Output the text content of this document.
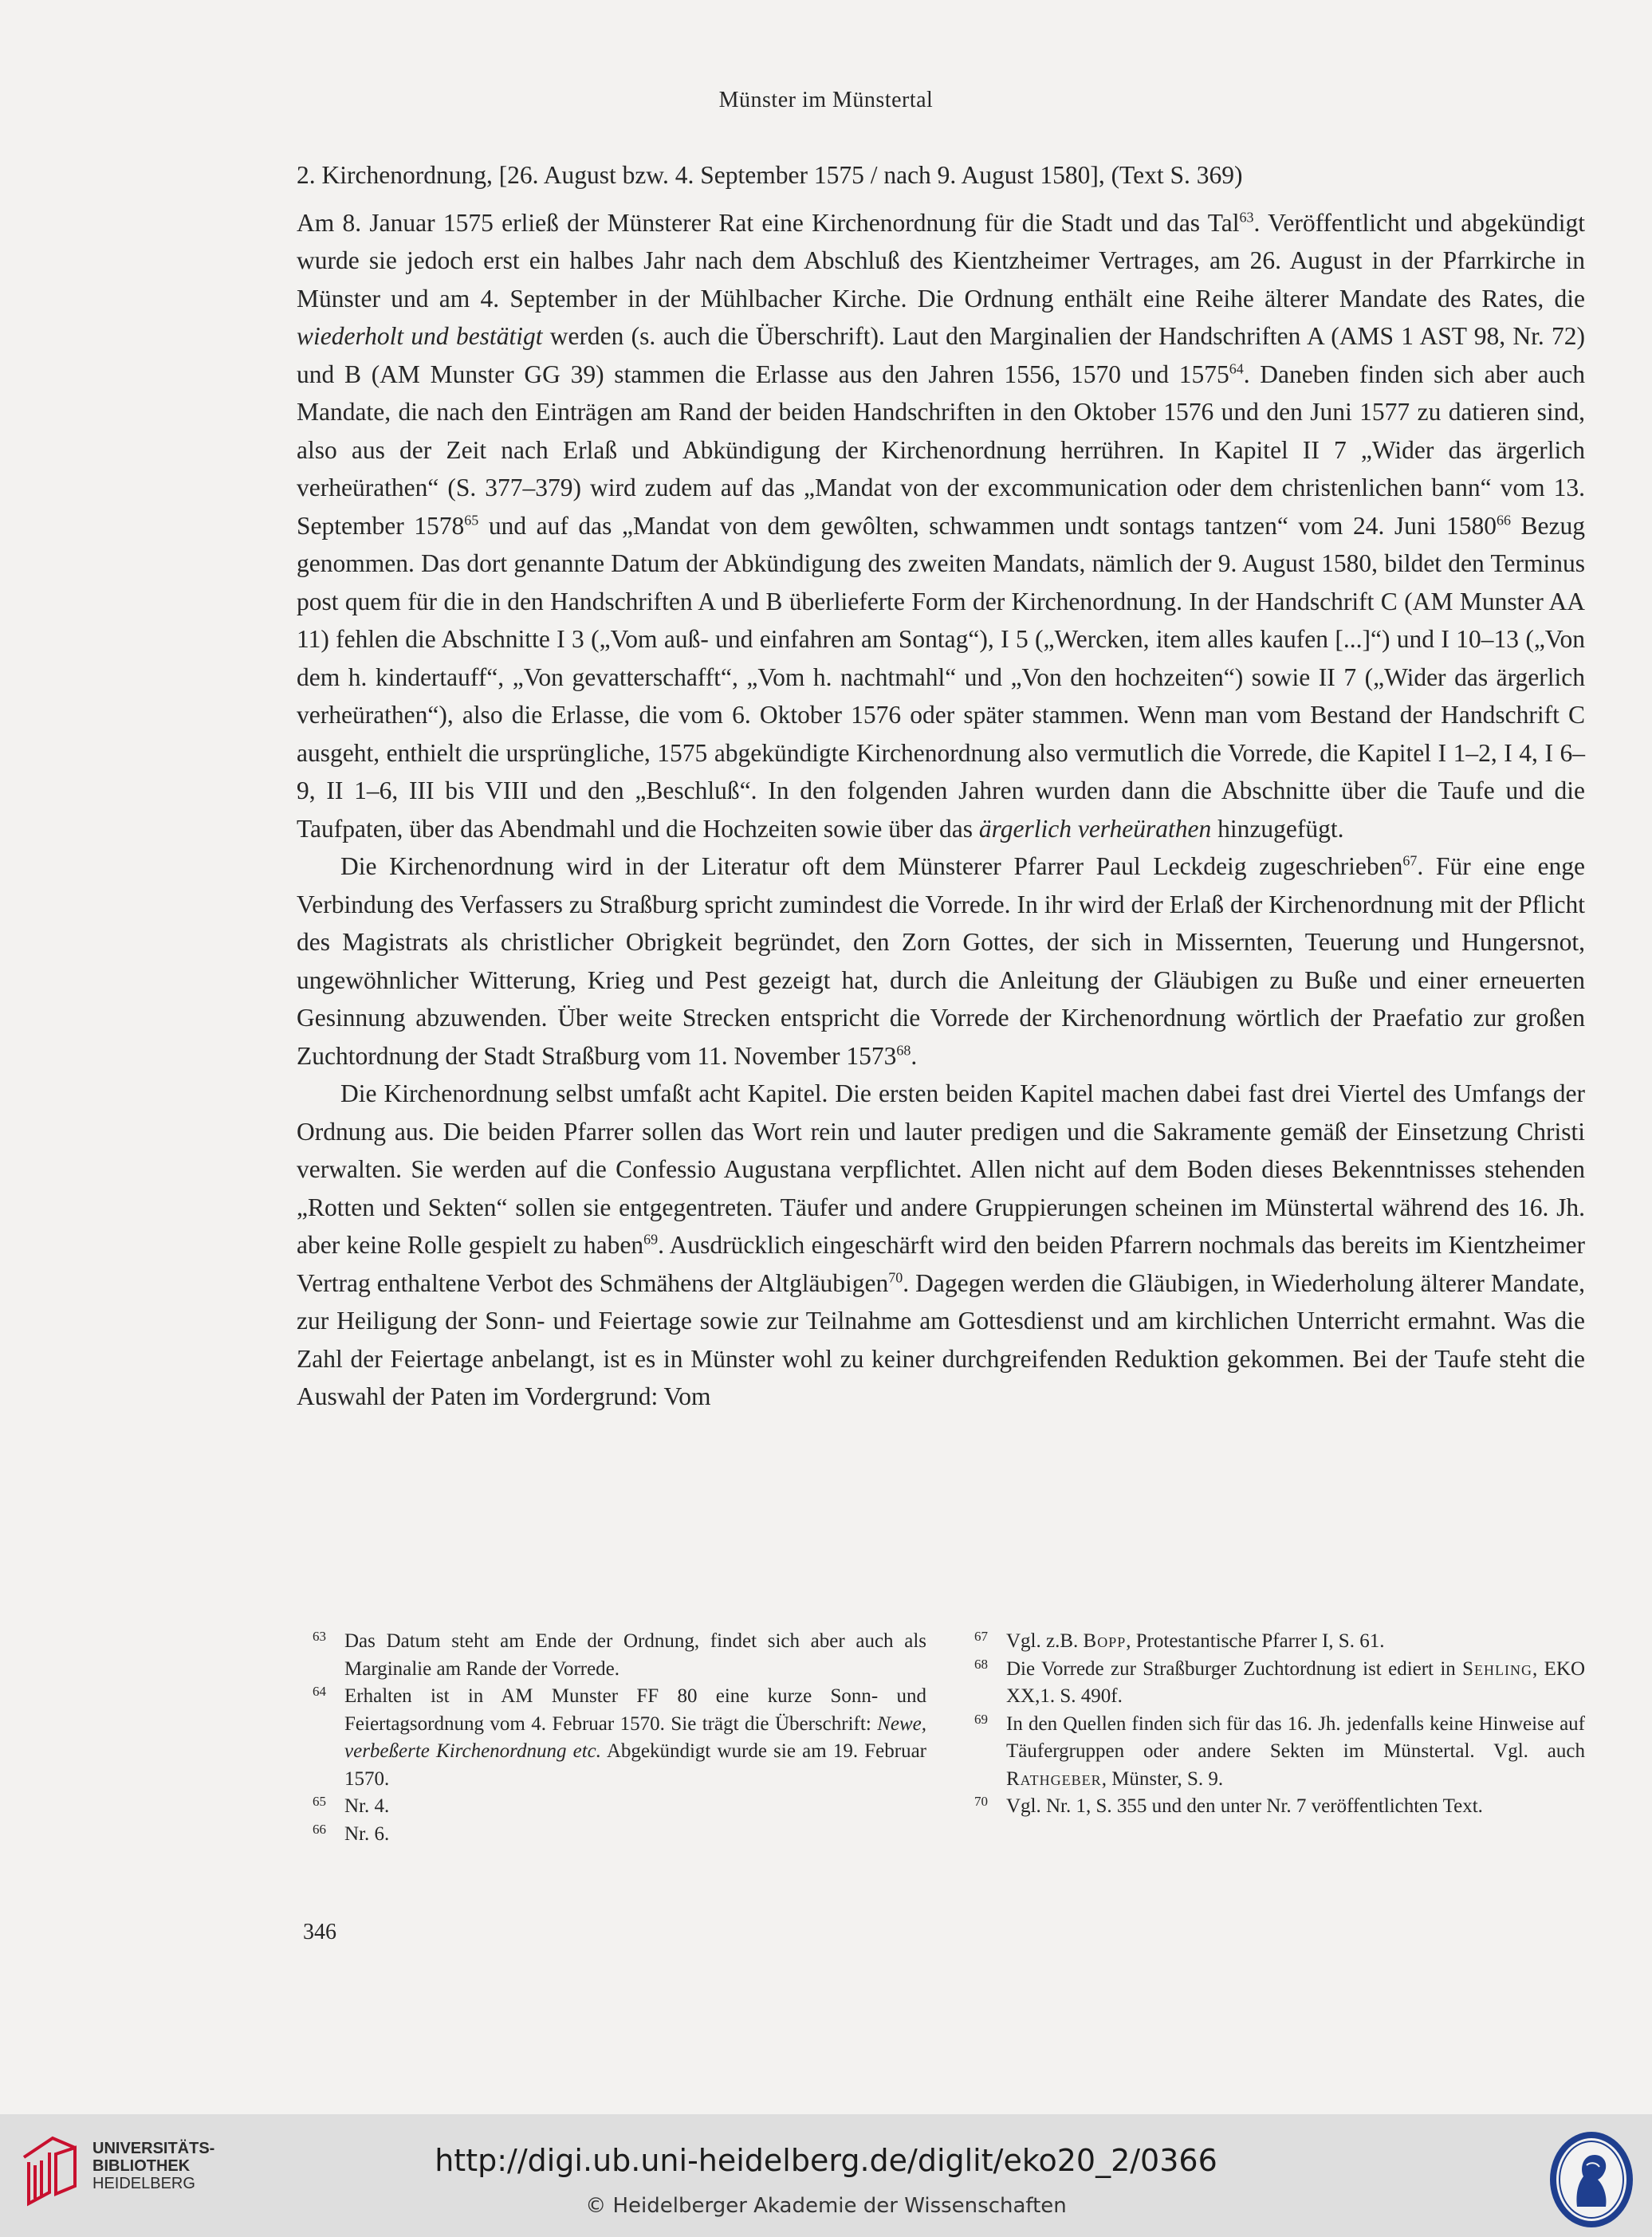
Münster im Münstertal

2. Kirchenordnung, [26. August bzw. 4. September 1575 / nach 9. August 1580], (Text S. 369)

Am 8. Januar 1575 erließ der Münsterer Rat eine Kirchenordnung für die Stadt und das Tal$^{63}$. Veröffentlicht und abgekündigt wurde sie jedoch erst ein halbes Jahr nach dem Abschluß des Kientzheimer Vertrages, am 26. August in der Pfarrkirche in Münster und am 4. September in der Mühlbacher Kirche. Die Ordnung enthält eine Reihe älterer Mandate des Rates, die wiederholt und bestätigt werden (s. auch die Überschrift). Laut den Marginalien der Handschriften A (AMS 1 AST 98, Nr. 72) und B (AM Munster GG 39) stammen die Erlasse aus den Jahren 1556, 1570 und 1575$^{64}$. Daneben finden sich aber auch Mandate, die nach den Einträgen am Rand der beiden Handschriften in den Oktober 1576 und den Juni 1577 zu datieren sind, also aus der Zeit nach Erlaß und Abkündigung der Kirchenordnung herrühren. In Kapitel II 7 „Wider das ärgerlich verheürathen“ (S. 377–379) wird zudem auf das „Mandat von der excommunication oder dem christenlichen bann“ vom 13. September 1578$^{65}$ und auf das „Mandat von dem gewôlten, schwammen undt sontags tantzen“ vom 24. Juni 1580$^{66}$ Bezug genommen. Das dort genannte Datum der Abkündigung des zweiten Mandats, nämlich der 9. August 1580, bildet den Terminus post quem für die in den Handschriften A und B überlieferte Form der Kirchenordnung. In der Handschrift C (AM Munster AA 11) fehlen die Abschnitte I 3 („Vom auß- und einfahren am Sontag“), I 5 („Wercken, item alles kaufen [...]“) und I 10–13 („Von dem h. kindertauff“, „Von gevatterschafft“, „Vom h. nachtmahl“ und „Von den hochzeiten“) sowie II 7 („Wider das ärgerlich verheürathen“), also die Erlasse, die vom 6. Oktober 1576 oder später stammen. Wenn man vom Bestand der Handschrift C ausgeht, enthielt die ursprüngliche, 1575 abgekündigte Kirchenordnung also vermutlich die Vorrede, die Kapitel I 1–2, I 4, I 6–9, II 1–6, III bis VIII und den „Beschluß“. In den folgenden Jahren wurden dann die Abschnitte über die Taufe und die Taufpaten, über das Abendmahl und die Hochzeiten sowie über das ärgerlich verheürathen hinzugefügt.

Die Kirchenordnung wird in der Literatur oft dem Münsterer Pfarrer Paul Leckdeig zugeschrieben$^{67}$. Für eine enge Verbindung des Verfassers zu Straßburg spricht zumindest die Vorrede. In ihr wird der Erlaß der Kirchenordnung mit der Pflicht des Magistrats als christlicher Obrigkeit begründet, den Zorn Gottes, der sich in Missernten, Teuerung und Hungersnot, ungewöhnlicher Witterung, Krieg und Pest gezeigt hat, durch die Anleitung der Gläubigen zu Buße und einer erneuerten Gesinnung abzuwenden. Über weite Strecken entspricht die Vorrede der Kirchenordnung wörtlich der Praefatio zur großen Zuchtordnung der Stadt Straßburg vom 11. November 1573$^{68}$.

Die Kirchenordnung selbst umfaßt acht Kapitel. Die ersten beiden Kapitel machen dabei fast drei Viertel des Umfangs der Ordnung aus. Die beiden Pfarrer sollen das Wort rein und lauter predigen und die Sakramente gemäß der Einsetzung Christi verwalten. Sie werden auf die Confessio Augustana verpflichtet. Allen nicht auf dem Boden dieses Bekenntnisses stehenden „Rotten und Sekten“ sollen sie entgegentreten. Täufer und andere Gruppierungen scheinen im Münstertal während des 16. Jh. aber keine Rolle gespielt zu haben$^{69}$. Ausdrücklich eingeschärft wird den beiden Pfarrern nochmals das bereits im Kientzheimer Vertrag enthaltene Verbot des Schmähens der Altgläubigen$^{70}$. Dagegen werden die Gläubigen, in Wiederholung älterer Mandate, zur Heiligung der Sonn- und Feiertage sowie zur Teilnahme am Gottesdienst und am kirchlichen Unterricht ermahnt. Was die Zahl der Feiertage anbelangt, ist es in Münster wohl zu keiner durchgreifenden Reduktion gekommen. Bei der Taufe steht die Auswahl der Paten im Vordergrund: Vom

63 Das Datum steht am Ende der Ordnung, findet sich aber auch als Marginalie am Rande der Vorrede.

64 Erhalten ist in AM Munster FF 80 eine kurze Sonn- und Feiertagsordnung vom 4. Februar 1570. Sie trägt die Überschrift: Newe, verbeßerte Kirchenordnung etc. Abgekündigt wurde sie am 19. Februar 1570.

65 Nr. 4.

66 Nr. 6.

67 Vgl. z.B. Bopp, Protestantische Pfarrer I, S. 61.

68 Die Vorrede zur Straßburger Zuchtordnung ist ediert in Sehling, EKO XX,1. S. 490f.

69 In den Quellen finden sich für das 16. Jh. jedenfalls keine Hinweise auf Täufergruppen oder andere Sekten im Münstertal. Vgl. auch Rathgeber, Münster, S. 9.

70 Vgl. Nr. 1, S. 355 und den unter Nr. 7 veröffentlichten Text.

346
UNIVERSITÄTS-
BIBLIOTHEK
HEIDELBERG
http://digi.ub.uni-heidelberg.de/diglit/eko20_2/0366
© Heidelberger Akademie der Wissenschaften
